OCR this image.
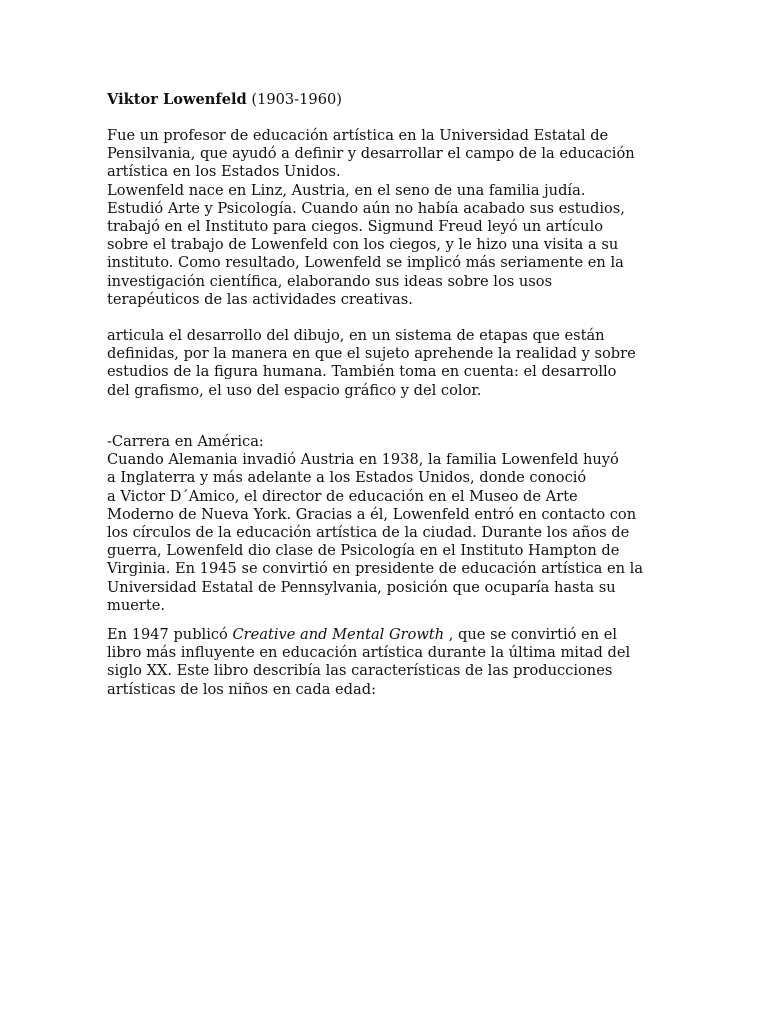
Viktor Lowenfeld (1903-1960)

Fue un profesor de educación artística en la Universidad Estatal de
Pensilvania, que ayudó a definir y desarrollar el campo de la educación
artística en los Estados Unidos.
Lowenfeld nace en Linz, Austria, en el seno de una familia judía.
Estudió Arte y Psicología. Cuando aún no había acabado sus estudios,
trabajó en el Instituto para ciegos. Sigmund Freud leyó un artículo
sobre el trabajo de Lowenfeld con los ciegos, y le hizo una visita a su
instituto. Como resultado, Lowenfeld se implicó más seriamente en la
investigación científica, elaborando sus ideas sobre los usos
terapéuticos de las actividades creativas.
articula el desarrollo del dibujo, en un sistema de etapas que están
definidas, por la manera en que el sujeto aprehende la realidad y sobre
estudios de la figura humana. También toma en cuenta: el desarrollo
del grafismo, el uso del espacio gráfico y del color.
-Carrera en América:
Cuando Alemania invadió Austria en 1938, la familia Lowenfeld huyó
a Inglaterra y más adelante a los Estados Unidos, donde conoció
a Victor D´Amico, el director de educación en el Museo de Arte
Moderno de Nueva York. Gracias a él, Lowenfeld entró en contacto con
los círculos de la educación artística de la ciudad. Durante los años de
guerra, Lowenfeld dio clase de Psicología en el Instituto Hampton de
Virginia. En 1945 se convirtió en presidente de educación artística en la
Universidad Estatal de Pennsylvania, posición que ocuparía hasta su
muerte.
En 1947 publicó Creative and Mental Growth , que se convirtió en el
libro más influyente en educación artística durante la última mitad del
siglo XX. Este libro describía las características de las producciones
artísticas de los niños en cada edad:
